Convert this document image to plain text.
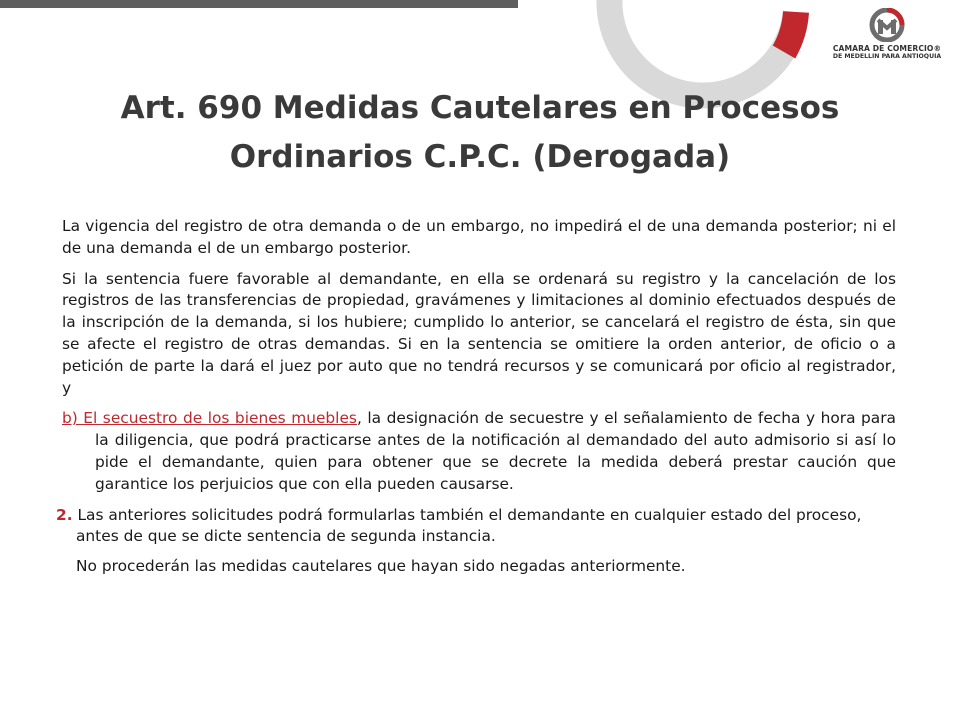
CAMARA DE COMERCIO®
DE MEDELLIN PARA ANTIOQUIA
Art. 690 Medidas Cautelares en Procesos
Ordinarios C.P.C. (Derogada)

La vigencia del registro de otra demanda o de un embargo, no impedirá el de una demanda posterior; ni el de una demanda el de un embargo posterior.

Si la sentencia fuere favorable al demandante, en ella se ordenará su registro y la cancelación de los registros de las transferencias de propiedad, gravámenes y limitaciones al dominio efectuados después de la inscripción de la demanda, si los hubiere; cumplido lo anterior, se cancelará el registro de ésta, sin que se afecte el registro de otras demandas. Si en la sentencia se omitiere la orden anterior, de oficio o a petición de parte la dará el juez por auto que no tendrá recursos y se comunicará por oficio al registrador, y

b) El secuestro de los bienes muebles, la designación de secuestre y el señalamiento de fecha y hora para la diligencia, que podrá practicarse antes de la notificación al demandado del auto admisorio si así lo pide el demandante, quien para obtener que se decrete la medida deberá prestar caución que garantice los perjuicios que con ella pueden causarse.

2. Las anteriores solicitudes podrá formularlas también el demandante en cualquier estado del proceso, antes de que se dicte sentencia de segunda instancia.

No procederán las medidas cautelares que hayan sido negadas anteriormente.
